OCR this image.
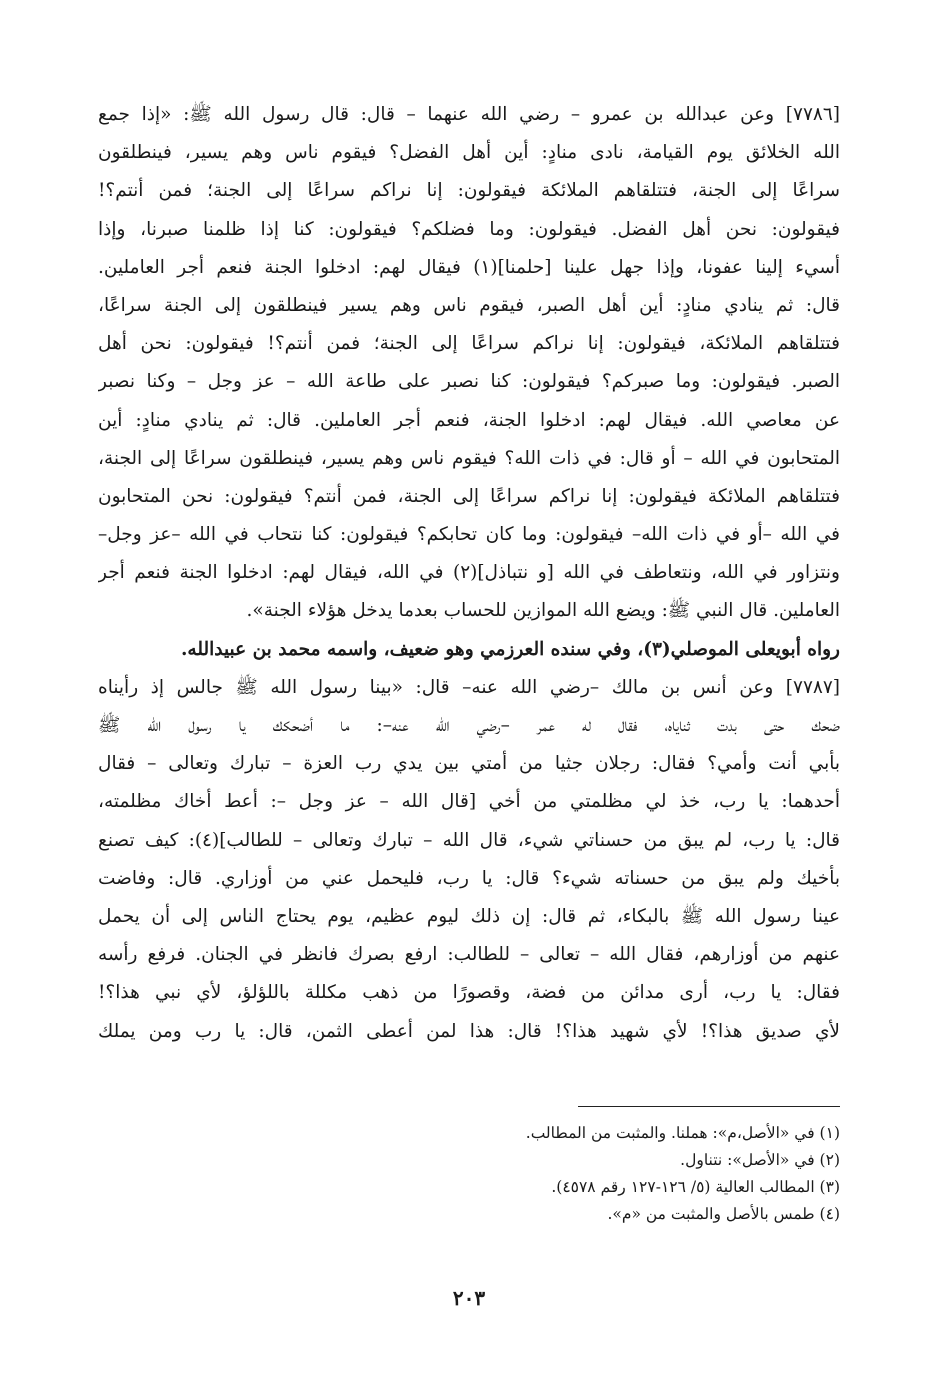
[٧٧٨٦] وعن عبدالله بن عمرو – رضي الله عنهما – قال: قال رسول الله ﷺ: «إذا جمع
الله الخلائق يوم القيامة، نادى منادٍ: أين أهل الفضل؟ فيقوم ناس وهم يسير، فينطلقون
سراعًا إلى الجنة، فتتلقاهم الملائكة فيقولون: إنا نراكم سراعًا إلى الجنة؛ فمن أنتم؟!
فيقولون: نحن أهل الفضل. فيقولون: وما فضلكم؟ فيقولون: كنا إذا ظلمنا صبرنا، وإذا
أسيء إلينا عفونا، وإذا جهل علينا [حلمنا](١) فيقال لهم: ادخلوا الجنة فنعم أجر العاملين.
قال: ثم ينادي منادٍ: أين أهل الصبر، فيقوم ناس وهم يسير فينطلقون إلى الجنة سراعًا،
فتتلقاهم الملائكة، فيقولون: إنا نراكم سراعًا إلى الجنة؛ فمن أنتم؟! فيقولون: نحن أهل
الصبر. فيقولون: وما صبركم؟ فيقولون: كنا نصبر على طاعة الله – عز وجل – وكنا نصبر
عن معاصي الله. فيقال لهم: ادخلوا الجنة، فنعم أجر العاملين. قال: ثم ينادي منادٍ: أين
المتحابون في الله – أو قال: في ذات الله؟ فيقوم ناس وهم يسير، فينطلقون سراعًا إلى الجنة،
فتتلقاهم الملائكة فيقولون: إنا نراكم سراعًا إلى الجنة، فمن أنتم؟ فيقولون: نحن المتحابون
في الله –أو في ذات الله– فيقولون: وما كان تحابكم؟ فيقولون: كنا نتحاب في الله –عز وجل–
ونتزاور في الله، ونتعاطف في الله [و نتباذل](٢) في الله، فيقال لهم: ادخلوا الجنة فنعم أجر
العاملين. قال النبي ﷺ: ويضع الله الموازين للحساب بعدما يدخل هؤلاء الجنة».
رواه أبويعلى الموصلي(٣)، وفي سنده العرزمي وهو ضعيف، واسمه محمد بن عبيدالله.
[٧٧٨٧] وعن أنس بن مالك –رضي الله عنه– قال: «بينا رسول الله ﷺ جالس إذ رأيناه
ضحك حتى بدت ثناياه، فقال له عمر –رضي الله عنه–: ما أضحكك يا رسول الله ﷺ
بأبي أنت وأمي؟ فقال: رجلان جثيا من أمتي بين يدي رب العزة – تبارك وتعالى – فقال
أحدهما: يا رب، خذ لي مظلمتي من أخي [قال الله – عز وجل –: أعط أخاك مظلمته،
قال: يا رب، لم يبق من حسناتي شيء، قال الله – تبارك وتعالى – للطالب](٤): كيف تصنع
بأخيك ولم يبق من حسناته شيء؟ قال: يا رب، فليحمل عني من أوزاري. قال: وفاضت
عينا رسول الله ﷺ بالبكاء، ثم قال: إن ذلك ليوم عظيم، يوم يحتاج الناس إلى أن يحمل
عنهم من أوزارهم، فقال الله – تعالى – للطالب: ارفع بصرك فانظر في الجنان. فرفع رأسه
فقال: يا رب، أرى مدائن من فضة، وقصورًا من ذهب مكللة باللؤلؤ، لأي نبي هذا؟!
لأي صديق هذا؟! لأي شهيد هذا؟! قال: هذا لمن أعطى الثمن، قال: يا رب ومن يملك
(١) في «الأصل،م»: هملنا. والمثبت من المطالب.
(٢) في «الأصل»: نتناول.
(٣) المطالب العالية (٥/ ١٢٦-١٢٧ رقم ٤٥٧٨).
(٤) طمس بالأصل والمثبت من «م».
٢٠٣
